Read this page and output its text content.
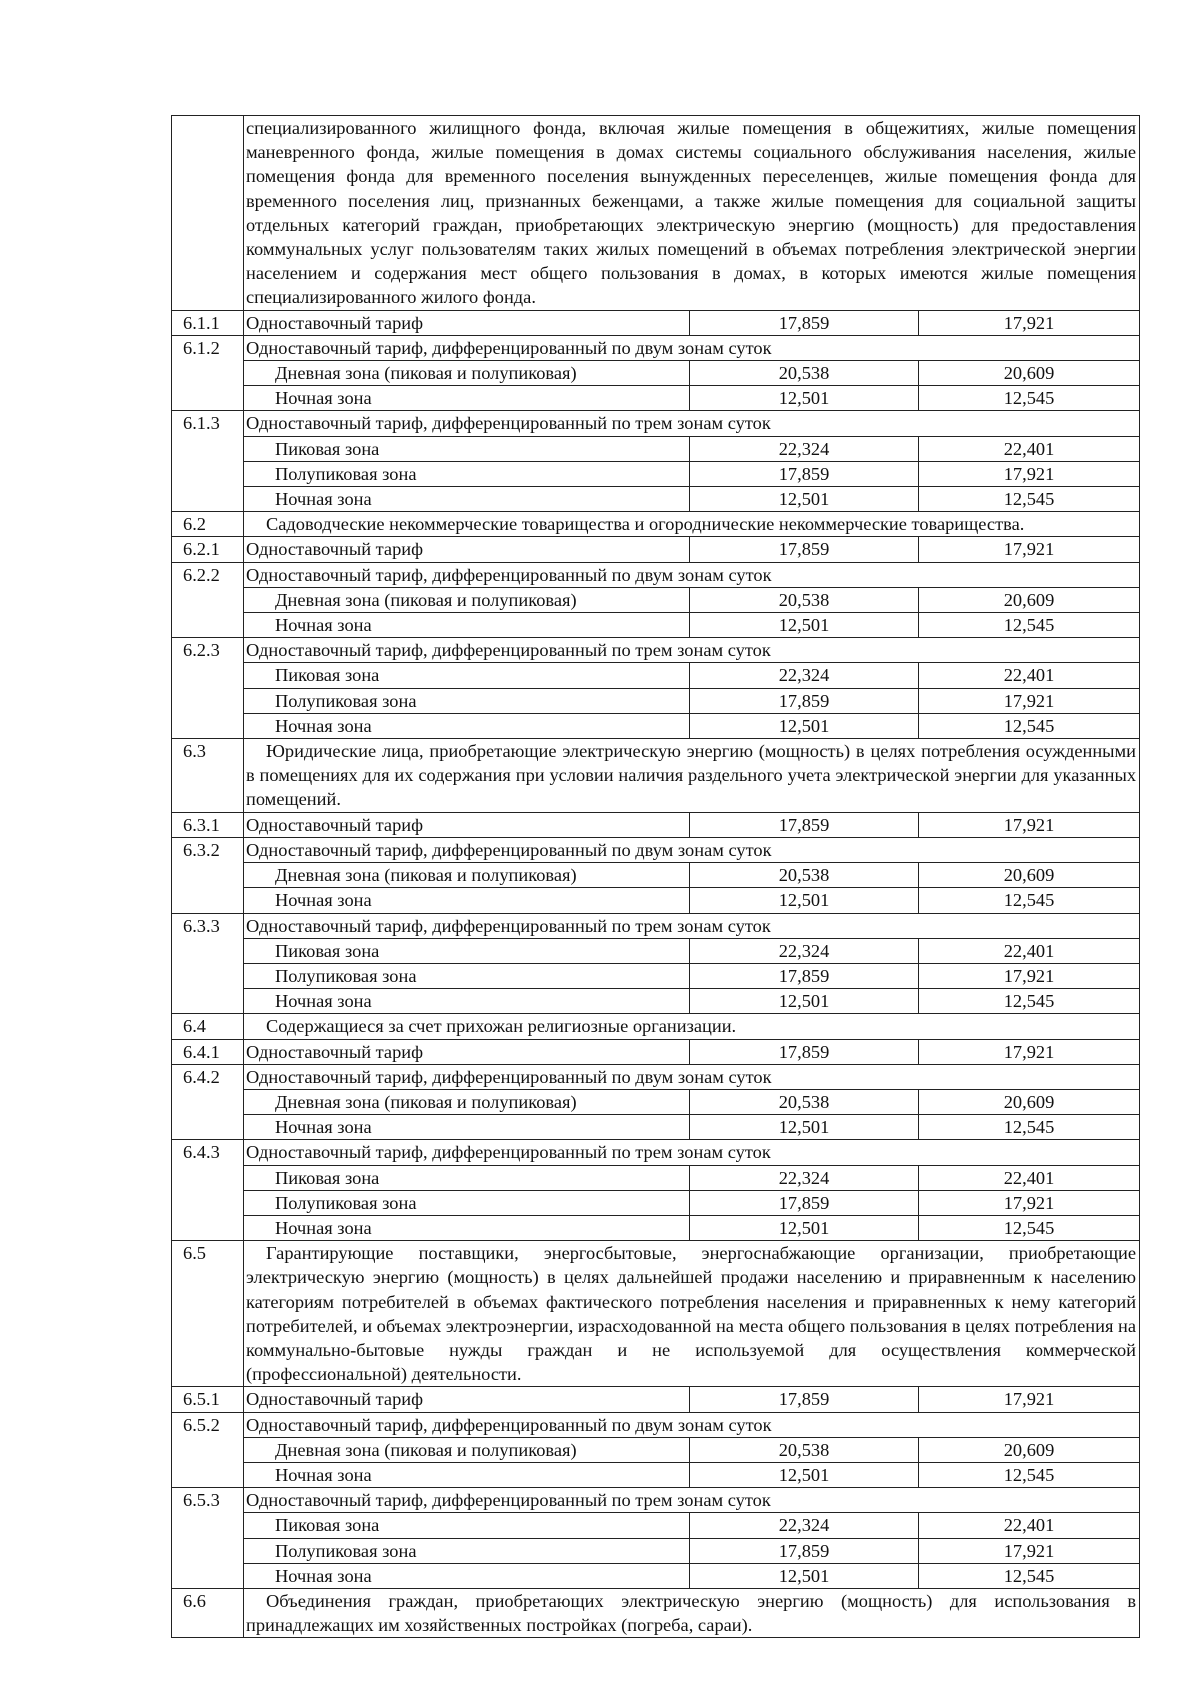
	специализированного жилищного фонда, включая жилые помещения в общежитиях, жилые помещения маневренного фонда, жилые помещения в домах системы социального обслуживания населения, жилые помещения фонда для временного поселения вынужденных переселенцев, жилые помещения фонда для временного поселения лиц, признанных беженцами, а также жилые помещения для социальной защиты отдельных категорий граждан, приобретающих электрическую энергию (мощность) для предоставления коммунальных услуг пользователям таких жилых помещений в объемах потребления электрической энергии населением и содержания мест общего пользования в домах, в которых имеются жилые помещения специализированного жилого фонда.		
6.1.1	Одноставочный тариф	17,859	17,921
6.1.2	Одноставочный тариф, дифференцированный по двум зонам суток		
	Дневная зона (пиковая и полупиковая)	20,538	20,609
	Ночная зона	12,501	12,545
6.1.3	Одноставочный тариф, дифференцированный по трем зонам суток		
	Пиковая зона	22,324	22,401
	Полупиковая зона	17,859	17,921
	Ночная зона	12,501	12,545
6.2	Садоводческие некоммерческие товарищества и огороднические некоммерческие товарищества.		
6.2.1	Одноставочный тариф	17,859	17,921
6.2.2	Одноставочный тариф, дифференцированный по двум зонам суток		
	Дневная зона (пиковая и полупиковая)	20,538	20,609
	Ночная зона	12,501	12,545
6.2.3	Одноставочный тариф, дифференцированный по трем зонам суток		
	Пиковая зона	22,324	22,401
	Полупиковая зона	17,859	17,921
	Ночная зона	12,501	12,545
6.3	Юридические лица, приобретающие электрическую энергию (мощность) в целях потребления осужденными в помещениях для их содержания при условии наличия раздельного учета электрической энергии для указанных помещений.		
6.3.1	Одноставочный тариф	17,859	17,921
6.3.2	Одноставочный тариф, дифференцированный по двум зонам суток		
	Дневная зона (пиковая и полупиковая)	20,538	20,609
	Ночная зона	12,501	12,545
6.3.3	Одноставочный тариф, дифференцированный по трем зонам суток		
	Пиковая зона	22,324	22,401
	Полупиковая зона	17,859	17,921
	Ночная зона	12,501	12,545
6.4	Содержащиеся за счет прихожан религиозные организации.		
6.4.1	Одноставочный тариф	17,859	17,921
6.4.2	Одноставочный тариф, дифференцированный по двум зонам суток		
	Дневная зона (пиковая и полупиковая)	20,538	20,609
	Ночная зона	12,501	12,545
6.4.3	Одноставочный тариф, дифференцированный по трем зонам суток		
	Пиковая зона	22,324	22,401
	Полупиковая зона	17,859	17,921
	Ночная зона	12,501	12,545
6.5	Гарантирующие поставщики, энергосбытовые, энергоснабжающие организации, приобретающие электрическую энергию (мощность) в целях дальнейшей продажи населению и приравненным к населению категориям потребителей в объемах фактического потребления населения и приравненных к нему категорий потребителей, и объемах электроэнергии, израсходованной на места общего пользования в целях потребления на коммунально-бытовые нужды граждан и не используемой для осуществления коммерческой (профессиональной) деятельности.		
6.5.1	Одноставочный тариф	17,859	17,921
6.5.2	Одноставочный тариф, дифференцированный по двум зонам суток		
	Дневная зона (пиковая и полупиковая)	20,538	20,609
	Ночная зона	12,501	12,545
6.5.3	Одноставочный тариф, дифференцированный по трем зонам суток		
	Пиковая зона	22,324	22,401
	Полупиковая зона	17,859	17,921
	Ночная зона	12,501	12,545
6.6	Объединения граждан, приобретающих электрическую энергию (мощность) для использования в принадлежащих им хозяйственных постройках (погреба, сараи).		
